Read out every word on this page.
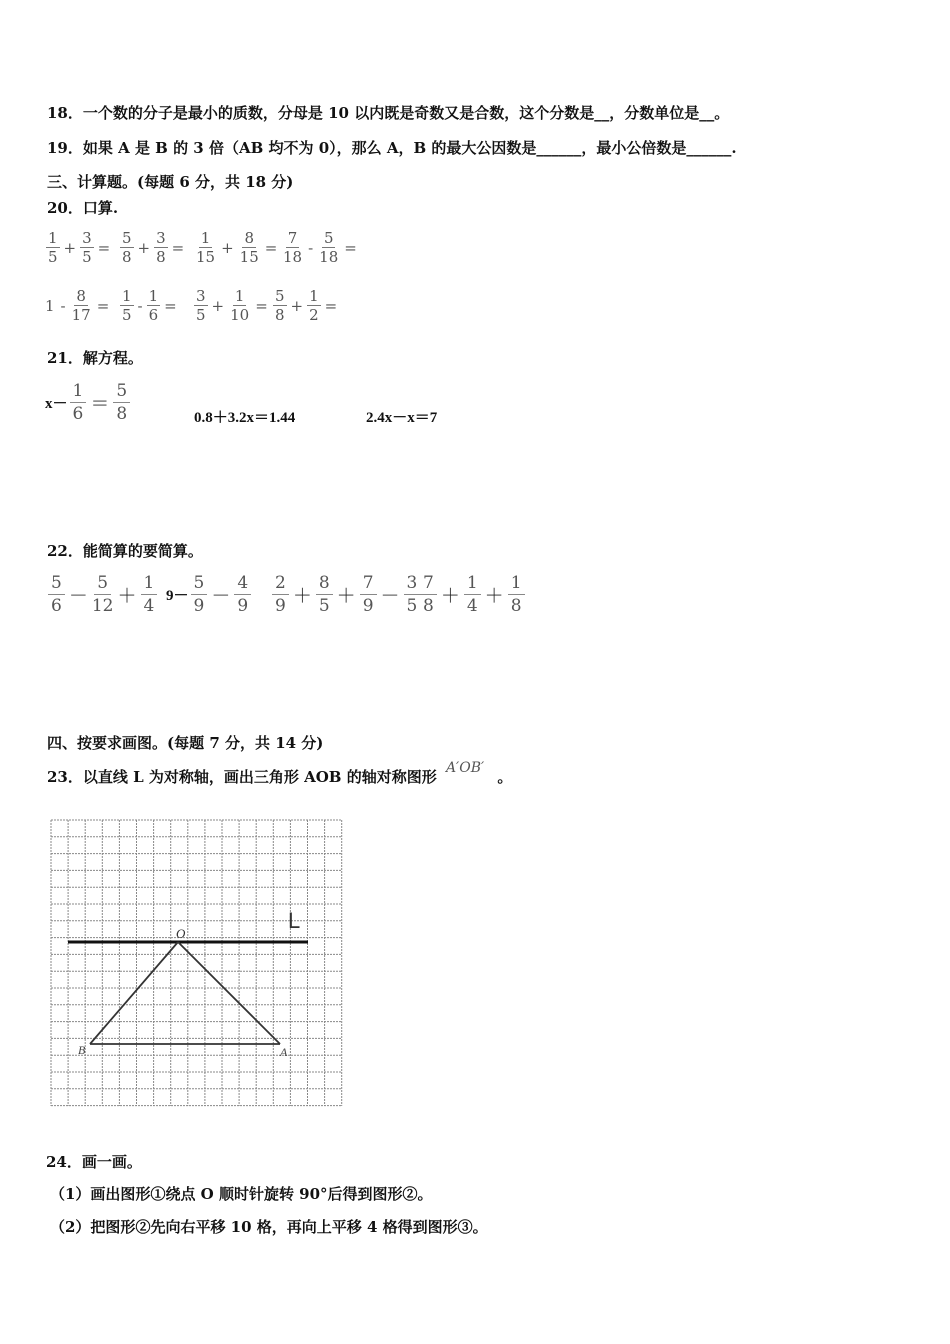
18．一个数的分子是最小的质数，分母是 10 以内既是奇数又是合数，这个分数是__，分数单位是__。
19．如果 A 是 B 的 3 倍（AB 均不为 0），那么 A，B 的最大公因数是______，最小公倍数是______.
三、计算题。(每题 6 分，共 18 分)
20．口算.
$\frac{1}{5} + \frac{3}{5} = \frac{5}{8} + \frac{3}{8} = \frac{1}{15} + \frac{8}{15} = \frac{7}{18} - \frac{5}{18}$ =
$1 - \frac{8}{17} = \frac{1}{5} - \frac{1}{6} = \frac{3}{5} + \frac{1}{10} = \frac{5}{8} + \frac{1}{2}$ =
21．解方程。
$x- \frac{1}{6} = \frac{5}{8}$	0.8＋3.2x＝1.44	2.4x－x＝7
22．能简算的要简算。
$\frac{5}{6} - \frac{5}{12} + \frac{1}{4} 9- \frac{5}{9} - \frac{4}{9} \frac{2}{9} + \frac{8}{5} + \frac{7}{9} - \frac{3}{5} \frac{7}{8} + \frac{1}{4} + \frac{1}{8}$
四、按要求画图。(每题 7 分，共 14 分)
23．以直线 L 为对称轴，画出三角形 AOB 的轴对称图形 A′OB′ 。
L
O
B	A
24．画一画。
（1）画出图形①绕点 O 顺时针旋转 90°后得到图形②。
（2）把图形②先向右平移 10 格，再向上平移 4 格得到图形③。
